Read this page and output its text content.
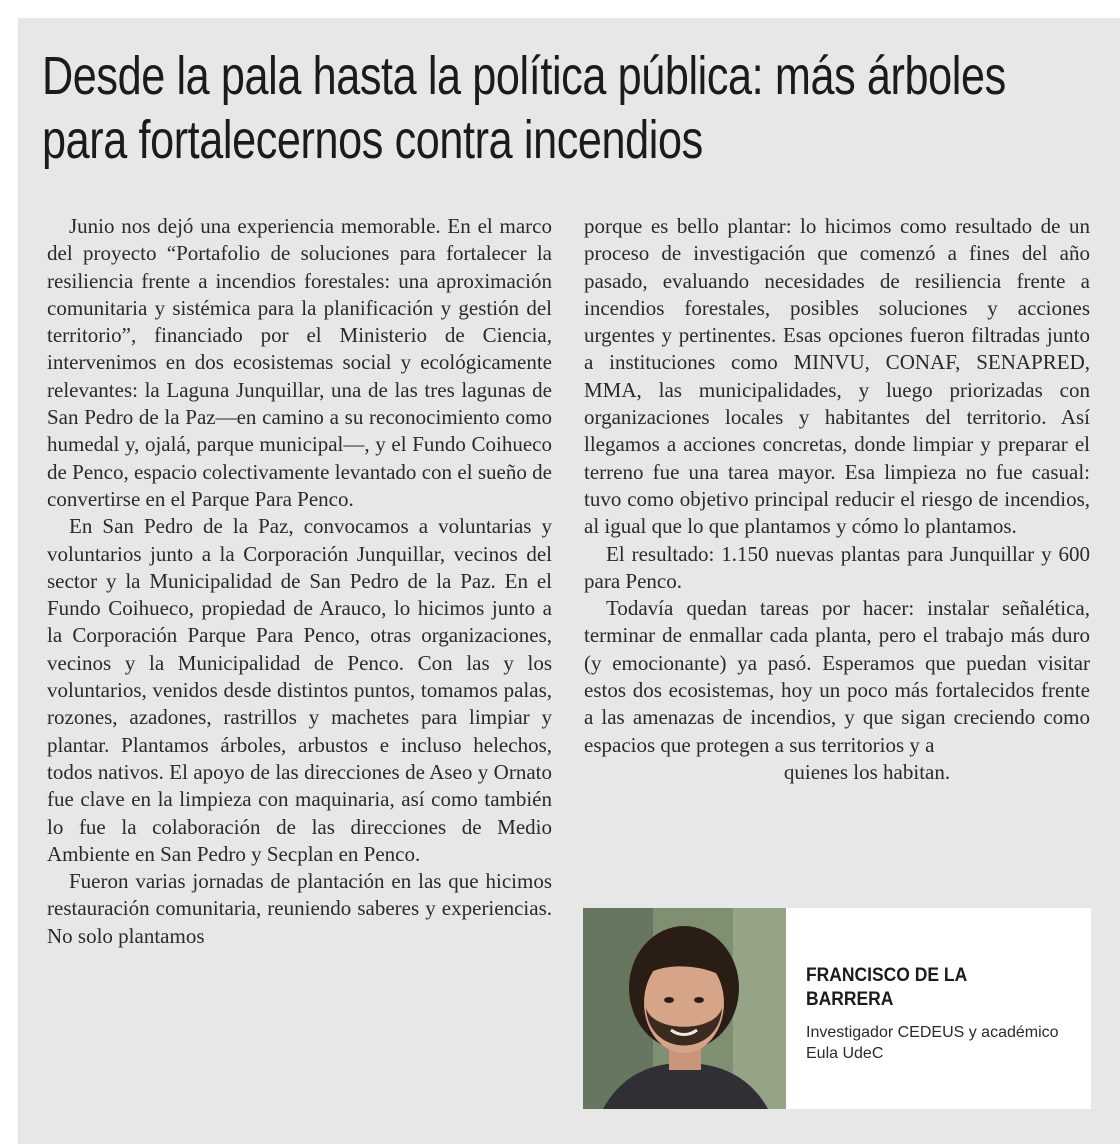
Desde la pala hasta la política pública: más árboles
para fortalecernos contra incendios

Junio nos dejó una experiencia memorable. En el marco del proyecto “Portafolio de soluciones para fortalecer la resiliencia frente a incendios forestales: una aproximación comunitaria y sistémica para la planificación y gestión del territorio”, financiado por el Ministerio de Ciencia, intervenimos en dos ecosistemas social y ecológicamente relevantes: la Laguna Junquillar, una de las tres lagunas de San Pedro de la Paz—en camino a su reconocimiento como humedal y, ojalá, parque municipal—, y el Fundo Coihueco de Penco, espacio colectivamente levantado con el sueño de convertirse en el Parque Para Penco.

En San Pedro de la Paz, convocamos a voluntarias y voluntarios junto a la Corporación Junquillar, vecinos del sector y la Municipalidad de San Pedro de la Paz. En el Fundo Coihueco, propiedad de Arauco, lo hicimos junto a la Corporación Parque Para Penco, otras organizaciones, vecinos y la Municipalidad de Penco. Con las y los voluntarios, venidos desde distintos puntos, tomamos palas, rozones, azadones, rastrillos y machetes para limpiar y plantar. Plantamos árboles, arbustos e incluso helechos, todos nativos. El apoyo de las direcciones de Aseo y Ornato fue clave en la limpieza con maquinaria, así como también lo fue la colaboración de las direcciones de Medio Ambiente en San Pedro y Secplan en Penco.

Fueron varias jornadas de plantación en las que hicimos restauración comunitaria, reuniendo saberes y experiencias. No solo plantamos

porque es bello plantar: lo hicimos como resultado de un proceso de investigación que comenzó a fines del año pasado, evaluando necesidades de resiliencia frente a incendios forestales, posibles soluciones y acciones urgentes y pertinentes. Esas opciones fueron filtradas junto a instituciones como MINVU, CONAF, SENAPRED, MMA, las municipalidades, y luego priorizadas con organizaciones locales y habitantes del territorio. Así llegamos a acciones concretas, donde limpiar y preparar el terreno fue una tarea mayor. Esa limpieza no fue casual: tuvo como objetivo principal reducir el riesgo de incendios, al igual que lo que plantamos y cómo lo plantamos.

El resultado: 1.150 nuevas plantas para Junquillar y 600 para Penco.

Todavía quedan tareas por hacer: instalar señalética, terminar de enmallar cada planta, pero el trabajo más duro (y emocionante) ya pasó. Esperamos que puedan visitar estos dos ecosistemas, hoy un poco más fortalecidos frente a las amenazas de incendios, y que sigan creciendo como espacios que protegen a sus territorios y a

quienes los habitan.

FRANCISCO DE LA BARRERA

Investigador CEDEUS y académico Eula UdeC
